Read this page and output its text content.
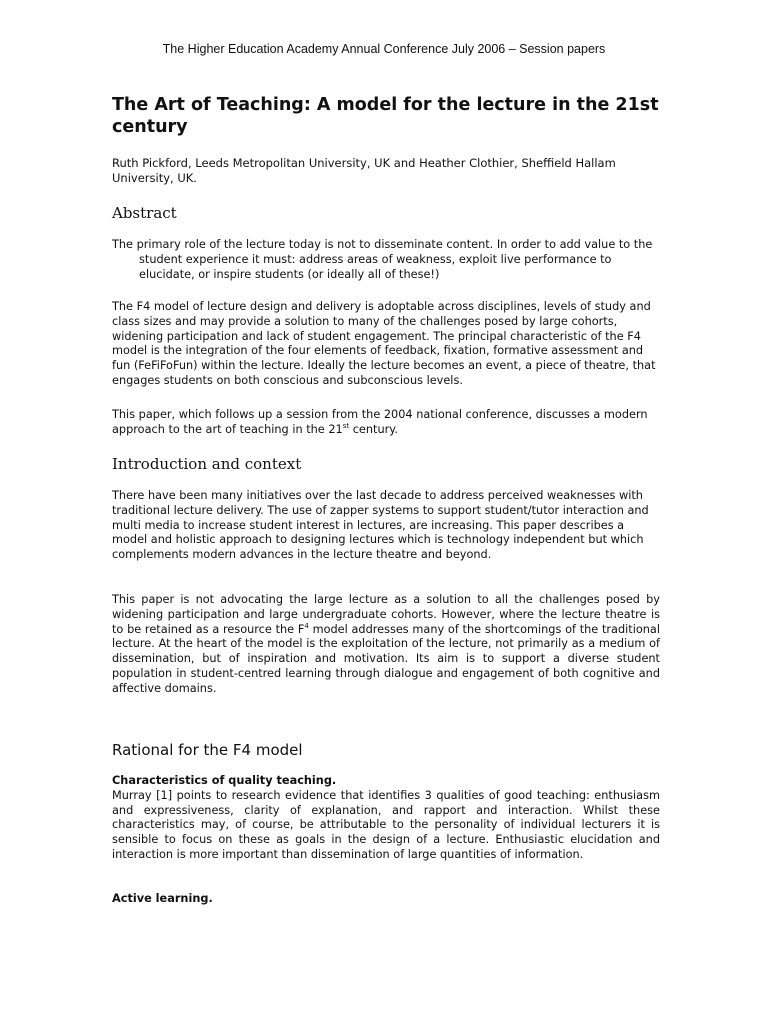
The Higher Education Academy Annual Conference July 2006 – Session papers
The Art of Teaching: A model for the lecture in the 21st century
Ruth Pickford, Leeds Metropolitan University, UK and Heather Clothier, Sheffield Hallam University, UK.
Abstract

The primary role of the lecture today is not to disseminate content. In order to add value to the student experience it must: address areas of weakness, exploit live performance to elucidate, or inspire students (or ideally all of these!)

The F4 model of lecture design and delivery is adoptable across disciplines, levels of study and class sizes and may provide a solution to many of the challenges posed by large cohorts, widening participation and lack of student engagement. The principal characteristic of the F4 model is the integration of the four elements of feedback, fixation, formative assessment and fun (FeFiFoFun) within the lecture. Ideally the lecture becomes an event, a piece of theatre, that engages students on both conscious and subconscious levels.

This paper, which follows up a session from the 2004 national conference, discusses a modern approach to the art of teaching in the 21st century.

Introduction and context

There have been many initiatives over the last decade to address perceived weaknesses with traditional lecture delivery. The use of zapper systems to support student/tutor interaction and multi media to increase student interest in lectures, are increasing. This paper describes a model and holistic approach to designing lectures which is technology independent but which complements modern advances in the lecture theatre and beyond.

This paper is not advocating the large lecture as a solution to all the challenges posed by widening participation and large undergraduate cohorts. However, where the lecture theatre is to be retained as a resource the $F^4$ model addresses many of the shortcomings of the traditional lecture. At the heart of the model is the exploitation of the lecture, not primarily as a medium of dissemination, but of inspiration and motivation. Its aim is to support a diverse student population in student-centred learning through dialogue and engagement of both cognitive and affective domains.

Rational for the F4 model

Characteristics of quality teaching.
Murray [1] points to research evidence that identifies 3 qualities of good teaching: enthusiasm and expressiveness, clarity of explanation, and rapport and interaction. Whilst these characteristics may, of course, be attributable to the personality of individual lecturers it is sensible to focus on these as goals in the design of a lecture. Enthusiastic elucidation and interaction is more important than dissemination of large quantities of information.

Active learning.
